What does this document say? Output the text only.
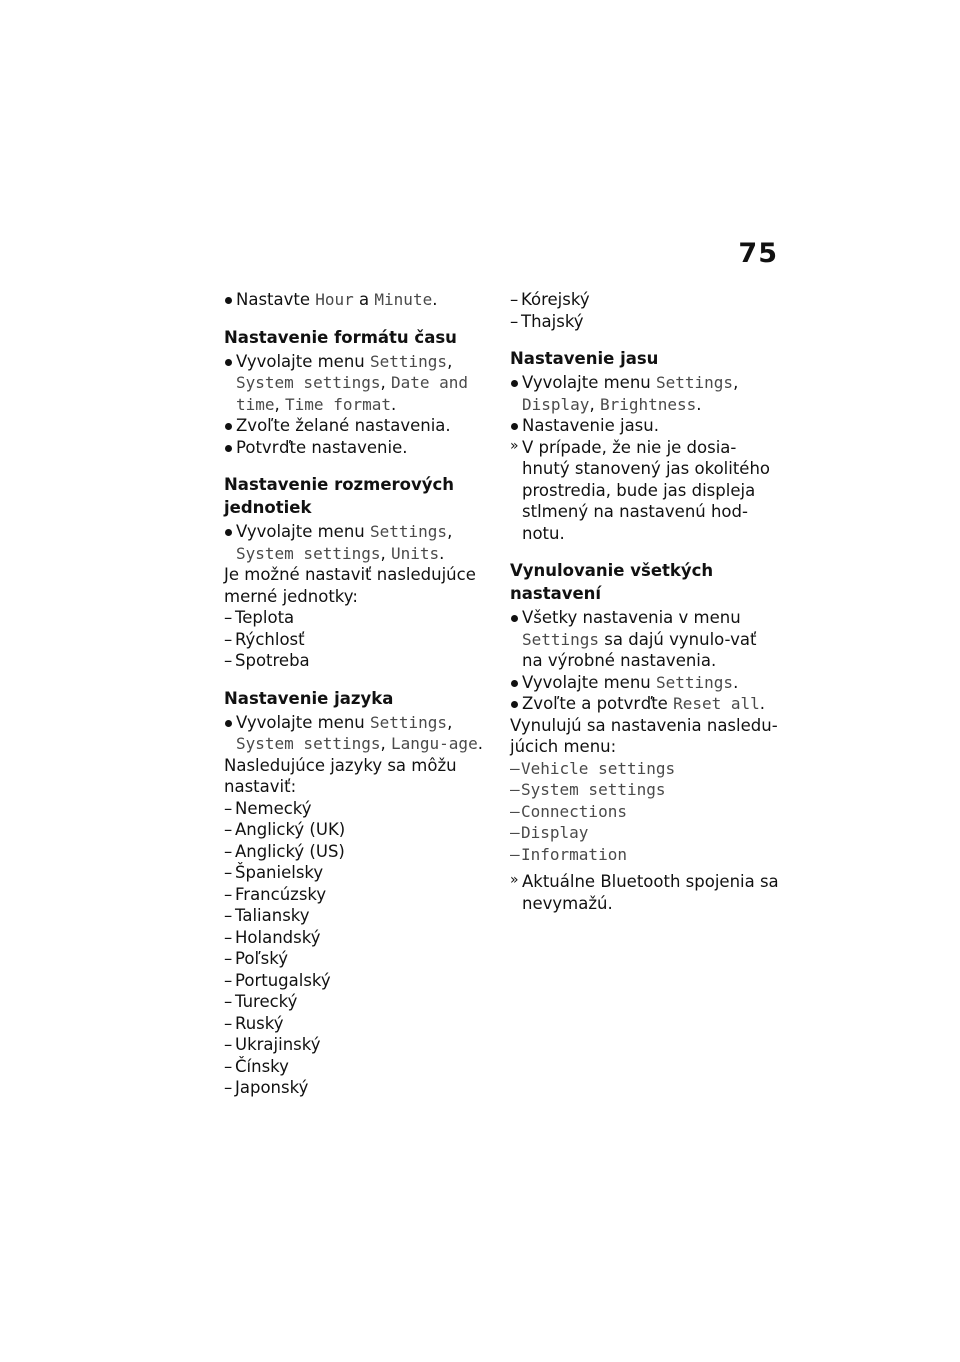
75
Nastavte Hour a Minute.
Nastavenie formátu času
Vyvolajte menu Settings, System settings, Date and time, Time format.
Zvoľte želané nastavenia.
Potvrďte nastavenie.
Nastavenie rozmerových jednotiek
Vyvolajte menu Settings, System settings, Units.

Je možné nastaviť nasledujúce merné jednotky:

– Teplota
– Rýchlosť
– Spotreba
Nastavenie jazyka
Vyvolajte menu Settings, System settings, Langu-age.

Nasledujúce jazyky sa môžu nastaviť:

– Nemecký
– Anglický (UK)
– Anglický (US)
– Španielsky
– Francúzsky
– Taliansky
– Holandský
– Poľský
– Portugalský
– Turecký
– Ruský
– Ukrajinský
– Čínsky
– Japonský
– Kórejský
– Thajský
Nastavenie jasu
Vyvolajte menu Settings, Display, Brightness.
Nastavenie jasu.
» V prípade, že nie je dosia-hnutý stanovený jas okolitého prostredia, bude jas displeja stlmený na nastavenú hod-notu.
Vynulovanie všetkých nastavení
Všetky nastavenia v menu Settings sa dajú vynulo-vať na výrobné nastavenia.
Vyvolajte menu Settings.
Zvoľte a potvrďte Reset all.

Vynulujú sa nastavenia nasledu-júcich menu:

– Vehicle settings
– System settings
– Connections
– Display
– Information
» Aktuálne Bluetooth spojenia sa nevymažú.
